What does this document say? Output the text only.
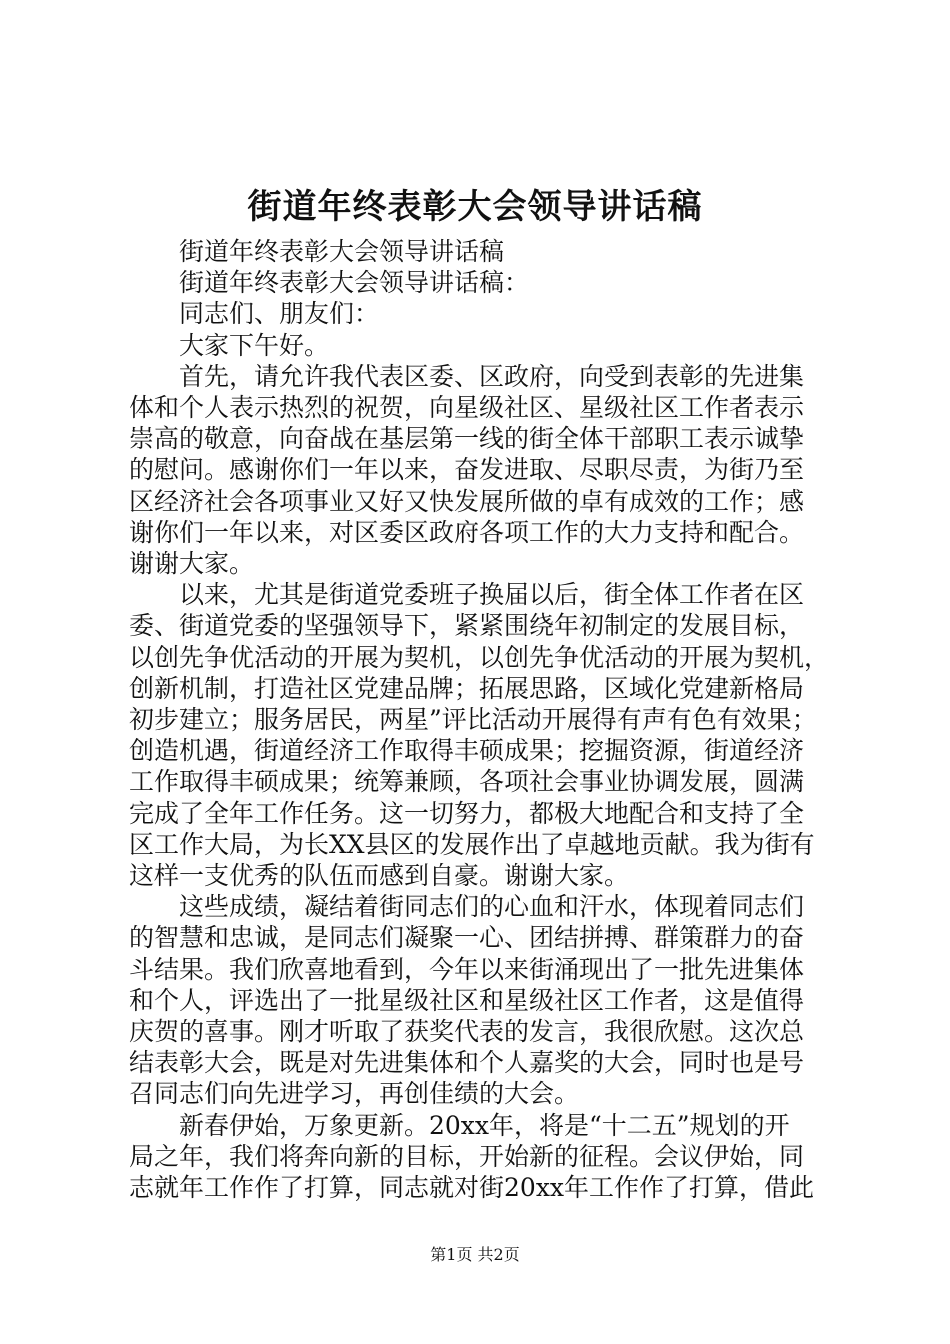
街道年终表彰大会领导讲话稿
街道年终表彰大会领导讲话稿
街道年终表彰大会领导讲话稿：
同志们、朋友们：
大家下午好。
首先，请允许我代表区委、区政府，向受到表彰的先进集
体和个人表示热烈的祝贺，向星级社区、星级社区工作者表示
崇高的敬意，向奋战在基层第一线的街全体干部职工表示诚挚
的慰问。感谢你们一年以来，奋发进取、尽职尽责，为街乃至
区经济社会各项事业又好又快发展所做的卓有成效的工作；感
谢你们一年以来，对区委区政府各项工作的大力支持和配合。
谢谢大家。
以来，尤其是街道党委班子换届以后，街全体工作者在区
委、街道党委的坚强领导下，紧紧围绕年初制定的发展目标，
以创先争优活动的开展为契机，以创先争优活动的开展为契机，
创新机制，打造社区党建品牌；拓展思路，区域化党建新格局
初步建立；服务居民，两星”评比活动开展得有声有色有效果；
创造机遇，街道经济工作取得丰硕成果；挖掘资源，街道经济
工作取得丰硕成果；统筹兼顾，各项社会事业协调发展，圆满
完成了全年工作任务。这一切努力，都极大地配合和支持了全
区工作大局，为长XX县区的发展作出了卓越地贡献。我为街有
这样一支优秀的队伍而感到自豪。谢谢大家。
这些成绩，凝结着街同志们的心血和汗水，体现着同志们
的智慧和忠诚，是同志们凝聚一心、团结拼搏、群策群力的奋
斗结果。我们欣喜地看到，今年以来街涌现出了一批先进集体
和个人，评选出了一批星级社区和星级社区工作者，这是值得
庆贺的喜事。刚才听取了获奖代表的发言，我很欣慰。这次总
结表彰大会，既是对先进集体和个人嘉奖的大会，同时也是号
召同志们向先进学习，再创佳绩的大会。
新春伊始，万象更新。20xx年，将是“十二五”规划的开
局之年，我们将奔向新的目标，开始新的征程。会议伊始，同
志就年工作作了打算，同志就对街20xx年工作作了打算，借此
第1页 共2页
